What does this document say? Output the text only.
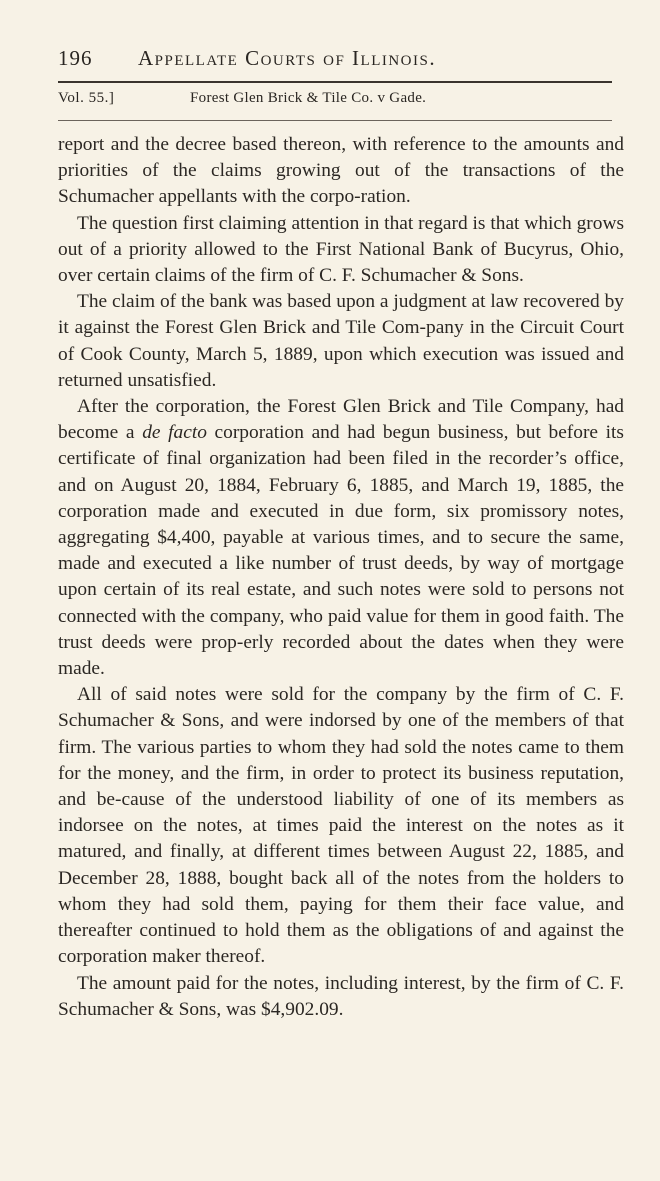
196	Appellate Courts of Illinois.
Vol. 55.]	Forest Glen Brick & Tile Co. v Gade.

report and the decree based thereon, with reference to the amounts and priorities of the claims growing out of the transactions of the Schumacher appellants with the corpo-ration.

The question first claiming attention in that regard is that which grows out of a priority allowed to the First National Bank of Bucyrus, Ohio, over certain claims of the firm of C. F. Schumacher & Sons.

The claim of the bank was based upon a judgment at law recovered by it against the Forest Glen Brick and Tile Com-pany in the Circuit Court of Cook County, March 5, 1889, upon which execution was issued and returned unsatisfied.

After the corporation, the Forest Glen Brick and Tile Company, had become a de facto corporation and had begun business, but before its certificate of final organization had been filed in the recorder’s office, and on August 20, 1884, February 6, 1885, and March 19, 1885, the corporation made and executed in due form, six promissory notes, aggregating $4,400, payable at various times, and to secure the same, made and executed a like number of trust deeds, by way of mortgage upon certain of its real estate, and such notes were sold to persons not connected with the company, who paid value for them in good faith. The trust deeds were prop-erly recorded about the dates when they were made.

All of said notes were sold for the company by the firm of C. F. Schumacher & Sons, and were indorsed by one of the members of that firm. The various parties to whom they had sold the notes came to them for the money, and the firm, in order to protect its business reputation, and be-cause of the understood liability of one of its members as indorsee on the notes, at times paid the interest on the notes as it matured, and finally, at different times between August 22, 1885, and December 28, 1888, bought back all of the notes from the holders to whom they had sold them, paying for them their face value, and thereafter continued to hold them as the obligations of and against the corporation maker thereof.

The amount paid for the notes, including interest, by the firm of C. F. Schumacher & Sons, was $4,902.09.
